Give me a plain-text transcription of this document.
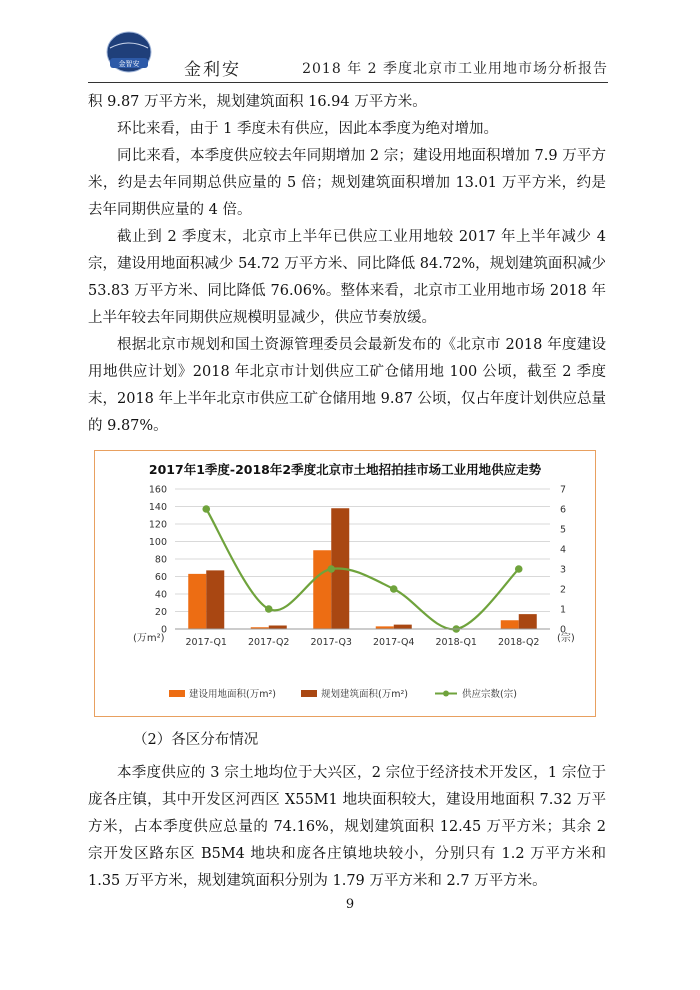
金智安	金利安	2018 年 2 季度北京市工业用地市场分析报告

积 9.87 万平方米，规划建筑面积 16.94 万平方米。

环比来看，由于 1 季度未有供应，因此本季度为绝对增加。

同比来看，本季度供应较去年同期增加 2 宗；建设用地面积增加 7.9 万平方米，约是去年同期总供应量的 5 倍；规划建筑面积增加 13.01 万平方米，约是去年同期供应量的 4 倍。

截止到 2 季度末，北京市上半年已供应工业用地较 2017 年上半年减少 4 宗，建设用地面积减少 54.72 万平方米、同比降低 84.72%，规划建筑面积减少 53.83 万平方米、同比降低 76.06%。整体来看，北京市工业用地市场 2018 年上半年较去年同期供应规模明显减少，供应节奏放缓。

根据北京市规划和国土资源管理委员会最新发布的《北京市 2018 年度建设用地供应计划》2018 年北京市计划供应工矿仓储用地 100 公顷，截至 2 季度末，2018 年上半年北京市供应工矿仓储用地 9.87 公顷，仅占年度计划供应总量的 9.87%。

2017年1季度-2018年2季度北京市土地招拍挂市场工业用地供应走势
0
20
40
60
80
100
120
140
160
0
1
2
3
4
5
6
7
2017-Q1 2017-Q2 2017-Q3 2017-Q4 2018-Q1 2018-Q2
(万m²)	(宗)
建设用地面积(万m²)	规划建筑面积(万m²)	供应宗数(宗)
（2）各区分布情况

本季度供应的 3 宗土地均位于大兴区，2 宗位于经济技术开发区，1 宗位于庞各庄镇，其中开发区河西区 X55M1 地块面积较大，建设用地面积 7.32 万平方米，占本季度供应总量的 74.16%，规划建筑面积 12.45 万平方米；其余 2 宗开发区路东区 B5M4 地块和庞各庄镇地块较小，分别只有 1.2 万平方米和 1.35 万平方米，规划建筑面积分别为 1.79 万平方米和 2.7 万平方米。

9
